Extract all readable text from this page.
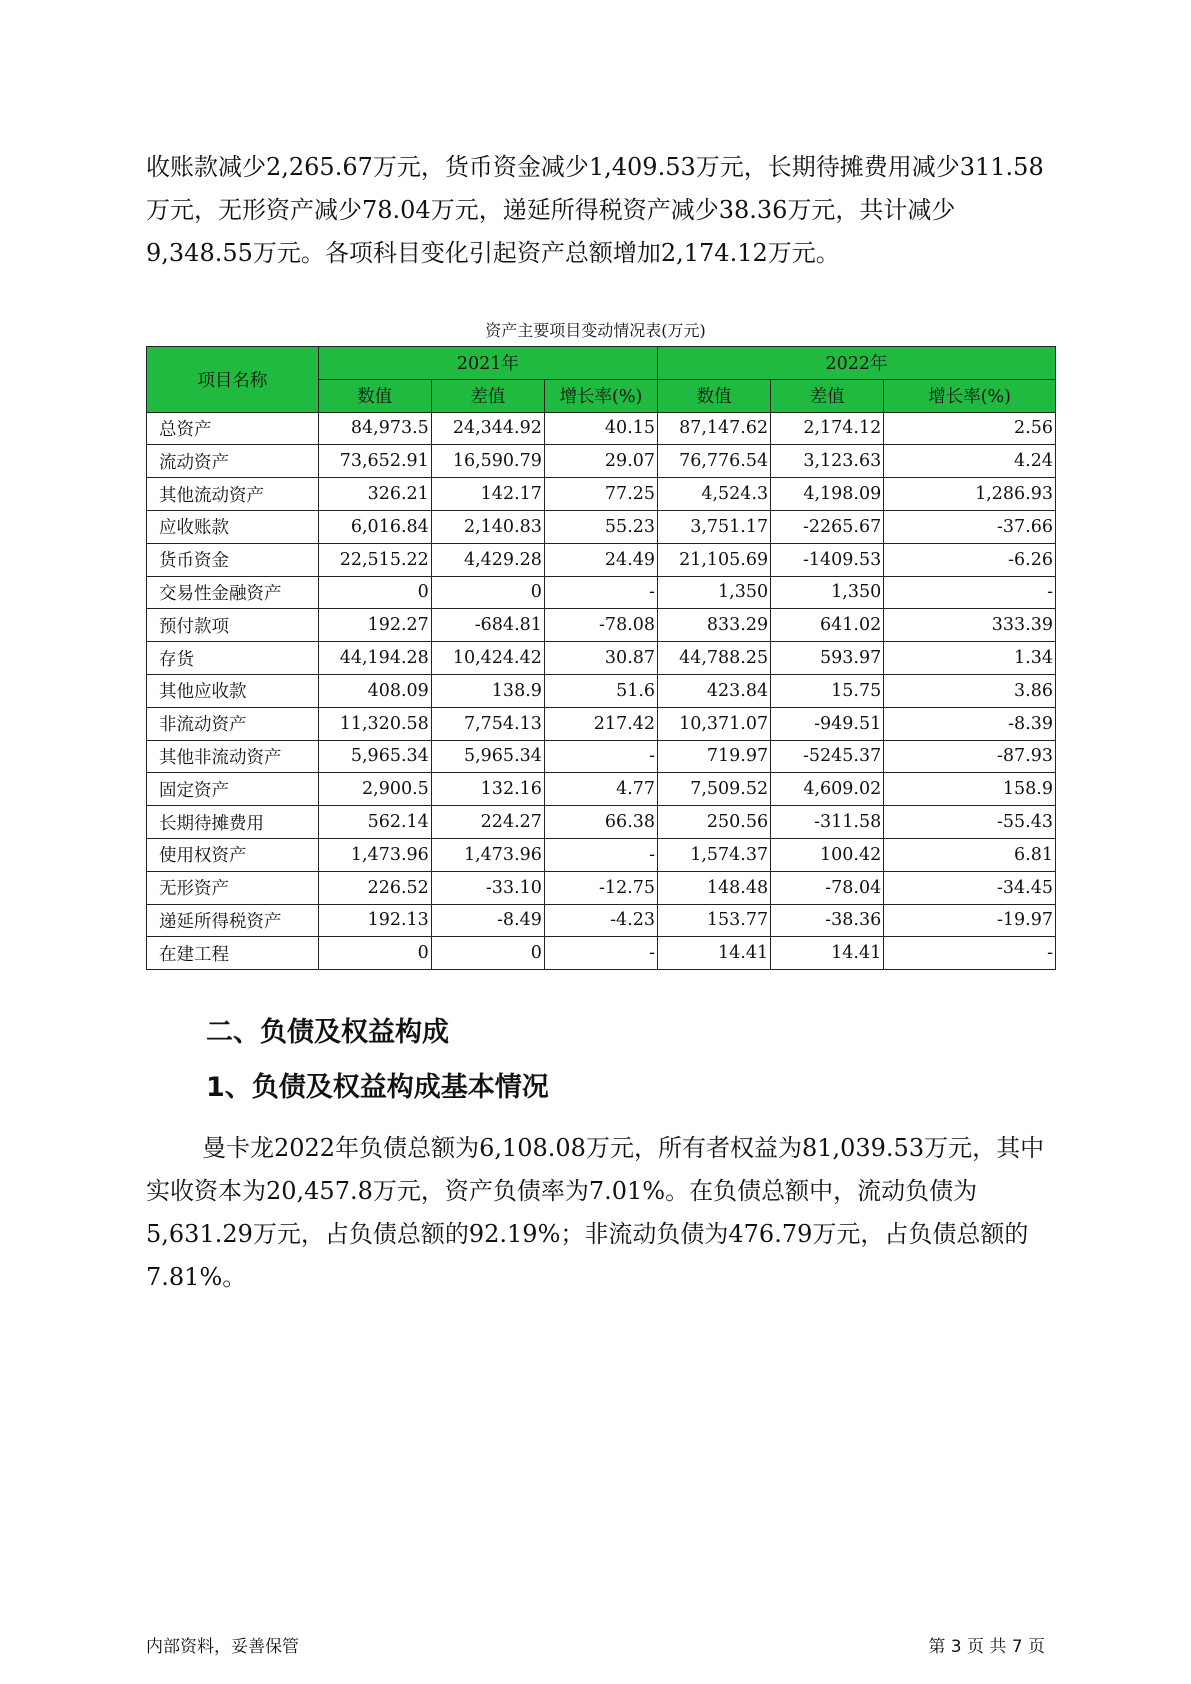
收账款减少2,265.67万元，货币资金减少1,409.53万元，长期待摊费用减少311.58万元，无形资产减少78.04万元，递延所得税资产减少38.36万元，共计减少9,348.55万元。各项科目变化引起资产总额增加2,174.12万元。

资产主要项目变动情况表(万元)
项目名称	2021年			2022年		
	数值	差值	增长率(%)	数值	差值	增长率(%)
总资产	84,973.5	24,344.92	40.15	87,147.62	2,174.12	2.56
流动资产	73,652.91	16,590.79	29.07	76,776.54	3,123.63	4.24
其他流动资产	326.21	142.17	77.25	4,524.3	4,198.09	1,286.93
应收账款	6,016.84	2,140.83	55.23	3,751.17	-2265.67	-37.66
货币资金	22,515.22	4,429.28	24.49	21,105.69	-1409.53	-6.26
交易性金融资产	0	0	-	1,350	1,350	-
预付款项	192.27	-684.81	-78.08	833.29	641.02	333.39
存货	44,194.28	10,424.42	30.87	44,788.25	593.97	1.34
其他应收款	408.09	138.9	51.6	423.84	15.75	3.86
非流动资产	11,320.58	7,754.13	217.42	10,371.07	-949.51	-8.39
其他非流动资产	5,965.34	5,965.34	-	719.97	-5245.37	-87.93
固定资产	2,900.5	132.16	4.77	7,509.52	4,609.02	158.9
长期待摊费用	562.14	224.27	66.38	250.56	-311.58	-55.43
使用权资产	1,473.96	1,473.96	-	1,574.37	100.42	6.81
无形资产	226.52	-33.10	-12.75	148.48	-78.04	-34.45
递延所得税资产	192.13	-8.49	-4.23	153.77	-38.36	-19.97
在建工程	0	0	-	14.41	14.41	-
二、负债及权益构成
1、负债及权益构成基本情况

曼卡龙2022年负债总额为6,108.08万元，所有者权益为81,039.53万元，其中实收资本为20,457.8万元，资产负债率为7.01%。在负债总额中，流动负债为5,631.29万元，占负债总额的92.19%；非流动负债为476.79万元，占负债总额的7.81%。

内部资料，妥善保管	第 3 页 共 7 页
